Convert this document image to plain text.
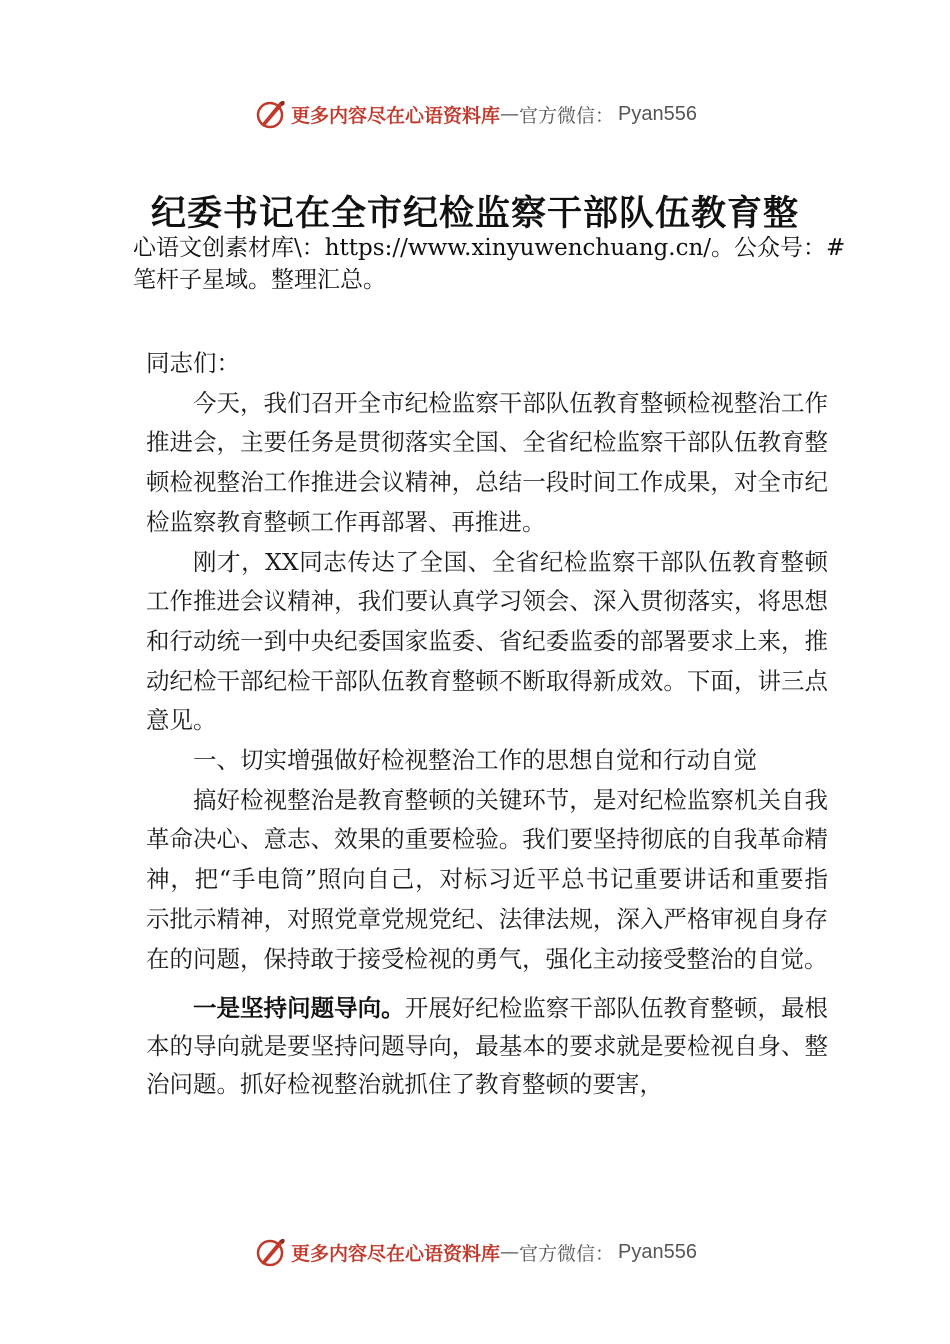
更多内容尽在心语资料库 — 官方微信： Pyan556
纪委书记在全市纪检监察干部队伍教育整
心语文创素材库\：https://www.xinyuwenchuang.cn/。公众号：#笔杆子星域。整理汇总。

同志们：

今天，我们召开全市纪检监察干部队伍教育整顿检视整治工作推进会，主要任务是贯彻落实全国、全省纪检监察干部队伍教育整顿检视整治工作推进会议精神，总结一段时间工作成果，对全市纪检监察教育整顿工作再部署、再推进。

刚才，XX同志传达了全国、全省纪检监察干部队伍教育整顿工作推进会议精神，我们要认真学习领会、深入贯彻落实，将思想和行动统一到中央纪委国家监委、省纪委监委的部署要求上来，推动纪检干部纪检干部队伍教育整顿不断取得新成效。下面，讲三点意见。

一、切实增强做好检视整治工作的思想自觉和行动自觉

搞好检视整治是教育整顿的关键环节，是对纪检监察机关自我革命决心、意志、效果的重要检验。我们要坚持彻底的自我革命精神，把“手电筒”照向自己，对标习近平总书记重要讲话和重要指示批示精神，对照党章党规党纪、法律法规，深入严格审视自身存在的问题，保持敢于接受检视的勇气，强化主动接受整治的自觉。

一是坚持问题导向。开展好纪检监察干部队伍教育整顿，最根本的导向就是要坚持问题导向，最基本的要求就是要检视自身、整治问题。抓好检视整治就抓住了教育整顿的要害，

更多内容尽在心语资料库 — 官方微信： Pyan556
